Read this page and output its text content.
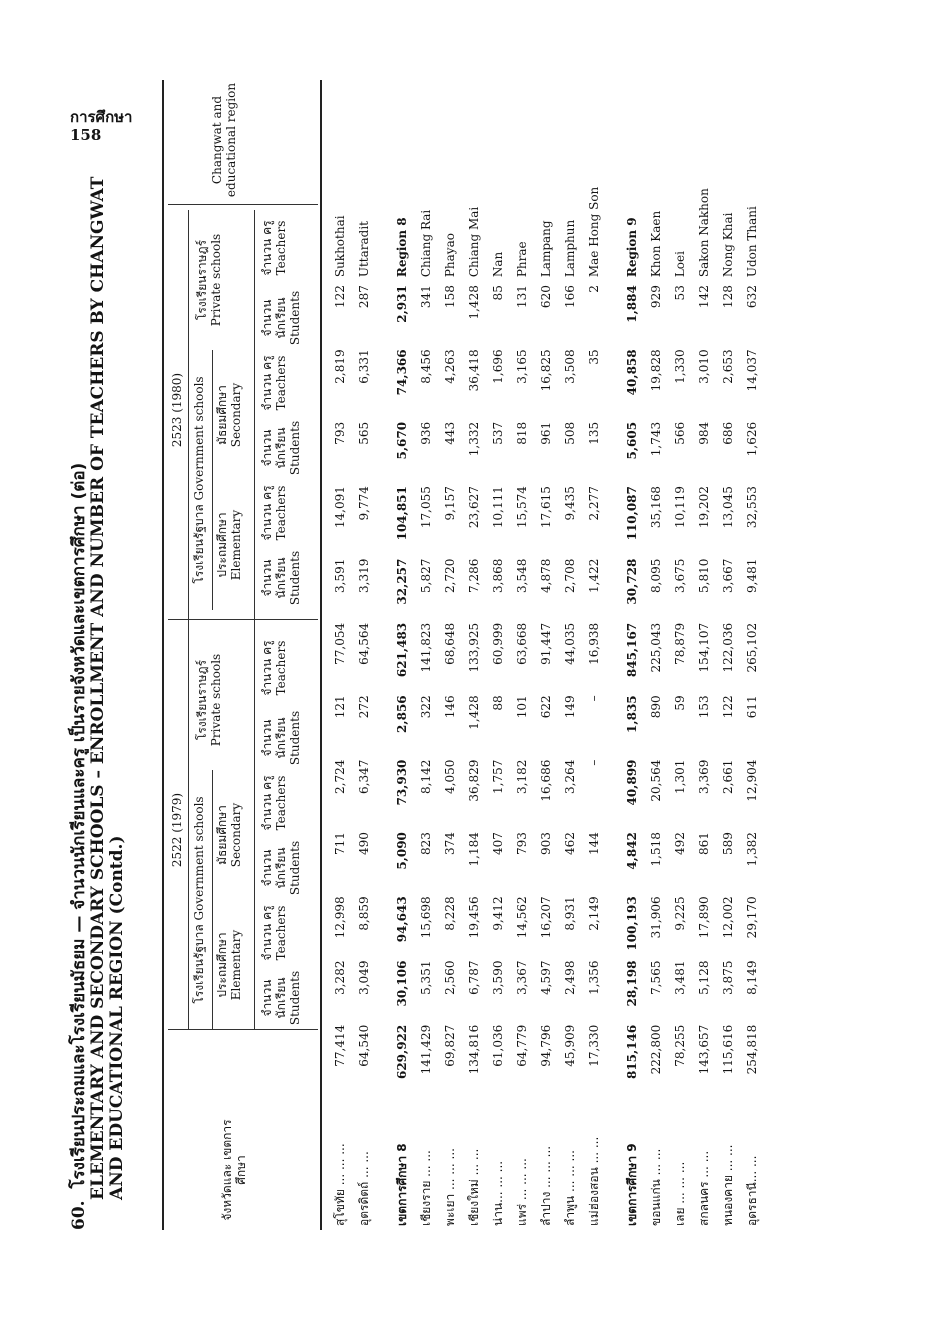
การศึกษา
158
60.  โรงเรียนประถมและโรงเรียนมัธยม — จำนวนนักเรียนและครู เป็นรายจังหวัดและเขตการศึกษา (ต่อ) ELEMENTARY AND SECONDARY SCHOOLS – ENROLLMENT AND NUMBER OF TEACHERS BY CHANGWAT AND EDUCATIONAL REGION (Contd.)	จังหวัดและ เขตการศึกษา
2522 (1979)
2523 (1980)
โรงเรียนรัฐบาล Government schools
โรงเรียนรัฐบาล Government schools
ประถมศึกษา Elementary
มัธยมศึกษา Secondary
โรงเรียนราษฎร์ Private schools
ประถมศึกษา Elementary
มัธยมศึกษา Secondary
โรงเรียนราษฎร์ Private schools
Changwat and educational region
จำนวน นักเรียน Students
จำนวน ครู Teachers
จำนวน นักเรียน Students
จำนวน ครู Teachers
จำนวน นักเรียน Students
จำนวน ครู Teachers
จำนวน นักเรียน Students
จำนวน ครู Teachers
จำนวน นักเรียน Students
จำนวน ครู Teachers
จำนวน นักเรียน Students
จำนวน ครู Teachers
สุโขทัย ... ... ...	77,414	3,282	12,998	711	2,724	121	77,054	3,591	14,091	793	2,819	122	Sukhothai
อุตรดิตถ์ ... ...	64,540	3,049	8,859	490	6,347	272	64,564	3,319	9,774	565	6,331	287	Uttaradit

เขตการศึกษา 8	629,922	30,106	94,643	5,090	73,930	2,856	621,483	32,257	104,851	5,670	74,366	2,931	Region 8
เชียงราย ... ...	141,429	5,351	15,698	823	8,142	322	141,823	5,827	17,055	936	8,456	341	Chiang Rai
พะเยา ... ... ...	69,827	2,560	8,228	374	4,050	146	68,648	2,720	9,157	443	4,263	158	Phayao
เชียงใหม่ ... ...	134,816	6,787	19,456	1,184	36,829	1,428	133,925	7,286	23,627	1,332	36,418	1,428	Chiang Mai
น่าน... ... ...	61,036	3,590	9,412	407	1,757	88	60,999	3,868	10,111	537	1,696	85	Nan
แพร่ ... ... ...	64,779	3,367	14,562	793	3,182	101	63,668	3,548	15,574	818	3,165	131	Phrae
ลำปาง ... ... ...	94,796	4,597	16,207	903	16,686	622	91,447	4,878	17,615	961	16,825	620	Lampang
ลำพูน ... ... ...	45,909	2,498	8,931	462	3,264	149	44,035	2,708	9,435	508	3,508	166	Lamphun
แม่ฮ่องสอน ... ...	17,330	1,356	2,149	144	–	–	16,938	1,422	2,277	135	35	2	Mae Hong Son

เขตการศึกษา 9	815,146	28,198	100,193	4,842	40,899	1,835	845,167	30,728	110,087	5,605	40,858	1,884	Region 9
ขอนแก่น ... ...	222,800	7,565	31,906	1,518	20,564	890	225,043	8,095	35,168	1,743	19,828	929	Khon Kaen
เลย ... ... ...	78,255	3,481	9,225	492	1,301	59	78,879	3,675	10,119	566	1,330	53	Loei
สกลนคร ... ...	143,657	5,128	17,890	861	3,369	153	154,107	5,810	19,202	984	3,010	142	Sakon Nakhon
หนองคาย ... ...	115,616	3,875	12,002	589	2,661	122	122,036	3,667	13,045	686	2,653	128	Nong Khai
อุดรธานี... ...	254,818	8,149	29,170	1,382	12,904	611	265,102	9,481	32,553	1,626	14,037	632	Udon Thani
